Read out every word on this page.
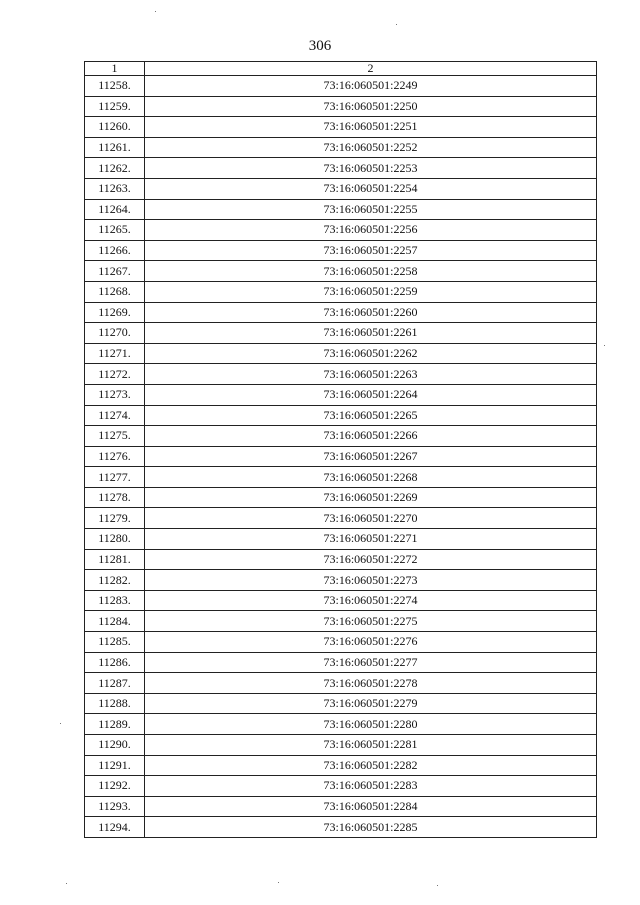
306
1	2
11258.	73:16:060501:2249
11259.	73:16:060501:2250
11260.	73:16:060501:2251
11261.	73:16:060501:2252
11262.	73:16:060501:2253
11263.	73:16:060501:2254
11264.	73:16:060501:2255
11265.	73:16:060501:2256
11266.	73:16:060501:2257
11267.	73:16:060501:2258
11268.	73:16:060501:2259
11269.	73:16:060501:2260
11270.	73:16:060501:2261
11271.	73:16:060501:2262
11272.	73:16:060501:2263
11273.	73:16:060501:2264
11274.	73:16:060501:2265
11275.	73:16:060501:2266
11276.	73:16:060501:2267
11277.	73:16:060501:2268
11278.	73:16:060501:2269
11279.	73:16:060501:2270
11280.	73:16:060501:2271
11281.	73:16:060501:2272
11282.	73:16:060501:2273
11283.	73:16:060501:2274
11284.	73:16:060501:2275
11285.	73:16:060501:2276
11286.	73:16:060501:2277
11287.	73:16:060501:2278
11288.	73:16:060501:2279
11289.	73:16:060501:2280
11290.	73:16:060501:2281
11291.	73:16:060501:2282
11292.	73:16:060501:2283
11293.	73:16:060501:2284
11294.	73:16:060501:2285
